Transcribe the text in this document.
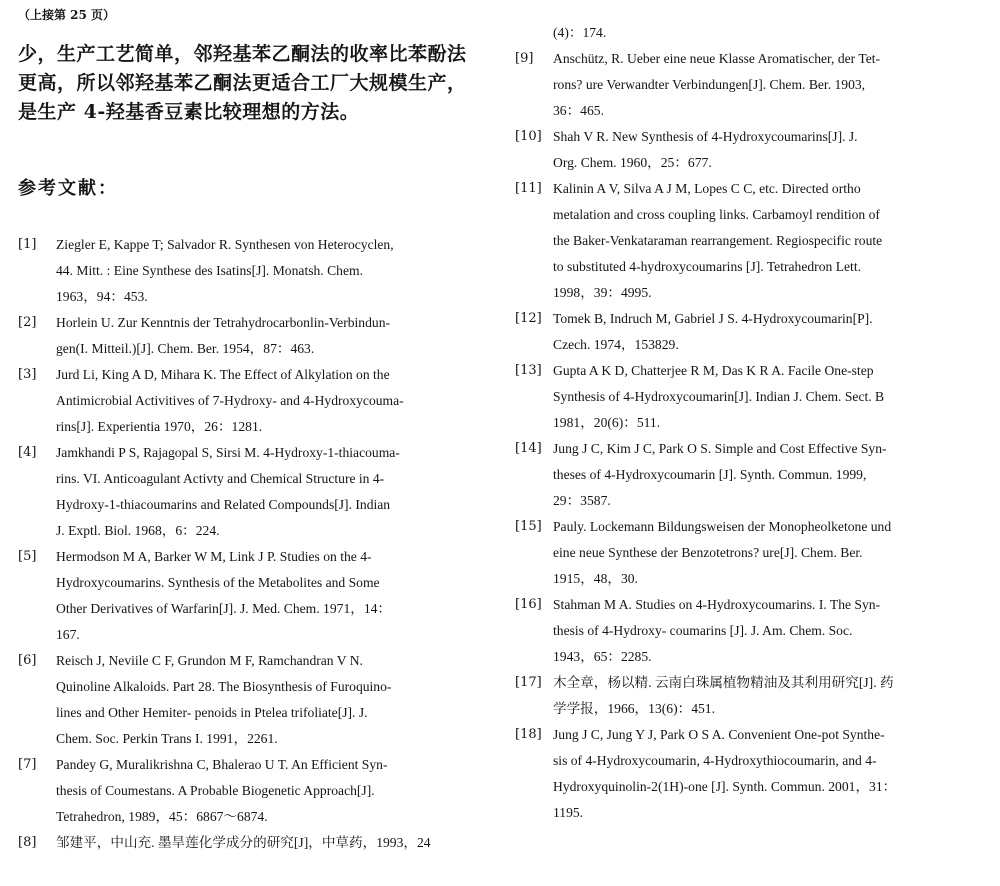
（上接第 25 页）
少，生产工艺简单，邻羟基苯乙酮法的收率比苯酚法
更高，所以邻羟基苯乙酮法更适合工厂大规模生产，
是生产 4-羟基香豆素比较理想的方法。
参考文献：
[1] Ziegler E, Kappe T; Salvador R. Synthesen von Heterocyclen,
44. Mitt. : Eine Synthese des Isatins[J]. Monatsh. Chem.
1963，94：453.
[2] Horlein U. Zur Kenntnis der Tetrahydrocarbonlin-Verbindun-
gen(I. Mitteil.)[J]. Chem. Ber. 1954，87：463.
[3] Jurd Li, King A D, Mihara K. The Effect of Alkylation on the
Antimicrobial Activitives of 7-Hydroxy- and 4-Hydroxycouma-
rins[J]. Experientia 1970，26：1281.
[4] Jamkhandi P S, Rajagopal S, Sirsi M. 4-Hydroxy-1-thiacouma-
rins. VI. Anticoagulant Activty and Chemical Structure in 4-
Hydroxy-1-thiacoumarins and Related Compounds[J]. Indian
J. Exptl. Biol. 1968，6：224.
[5] Hermodson M A, Barker W M, Link J P. Studies on the 4-
Hydroxycoumarins. Synthesis of the Metabolites and Some
Other Derivatives of Warfarin[J]. J. Med. Chem. 1971，14：
167.
[6] Reisch J, Neviile C F, Grundon M F, Ramchandran V N.
Quinoline Alkaloids. Part 28. The Biosynthesis of Furoquino-
lines and Other Hemiter- penoids in Ptelea trifoliate[J]. J.
Chem. Soc. Perkin Trans I. 1991，2261.
[7] Pandey G, Muralikrishna C, Bhalerao U T. An Efficient Syn-
thesis of Coumestans. A Probable Biogenetic Approach[J].
Tetrahedron, 1989，45：6867～6874.
[8] 邹建平，中山充. 墨旱莲化学成分的研究[J]，中草药，1993，24
(4)：174.
[9] Anschütz, R. Ueber eine neue Klasse Aromatischer, der Tet-
rons? ure Verwandter Verbindungen[J]. Chem. Ber. 1903,
36：465.
[10] Shah V R. New Synthesis of 4-Hydroxycoumarins[J]. J.
Org. Chem. 1960，25：677.
[11] Kalinin A V, Silva A J M, Lopes C C, etc. Directed ortho
metalation and cross coupling links. Carbamoyl rendition of
the Baker-Venkataraman rearrangement. Regiospecific route
to substituted 4-hydroxycoumarins [J]. Tetrahedron Lett.
1998，39：4995.
[12] Tomek B, Indruch M, Gabriel J S. 4-Hydroxycoumarin[P].
Czech. 1974，153829.
[13] Gupta A K D, Chatterjee R M, Das K R A. Facile One-step
Synthesis of 4-Hydroxycoumarin[J]. Indian J. Chem. Sect. B
1981，20(6)：511.
[14] Jung J C, Kim J C, Park O S. Simple and Cost Effective Syn-
theses of 4-Hydroxycoumarin [J]. Synth. Commun. 1999,
29：3587.
[15] Pauly. Lockemann Bildungsweisen der Monopheolketone und
eine neue Synthese der Benzotetrons? ure[J]. Chem. Ber.
1915，48，30.
[16] Stahman M A. Studies on 4-Hydroxycoumarins. I. The Syn-
thesis of 4-Hydroxy- coumarins [J]. J. Am. Chem. Soc.
1943，65：2285.
[17] 木全章，杨以精. 云南白珠属植物精油及其利用研究[J]. 药
学学报，1966，13(6)：451.
[18] Jung J C, Jung Y J, Park O S A. Convenient One-pot Synthe-
sis of 4-Hydroxycoumarin, 4-Hydroxythiocoumarin, and 4-
Hydroxyquinolin-2(1H)-one [J]. Synth. Commun. 2001，31：
1195.
